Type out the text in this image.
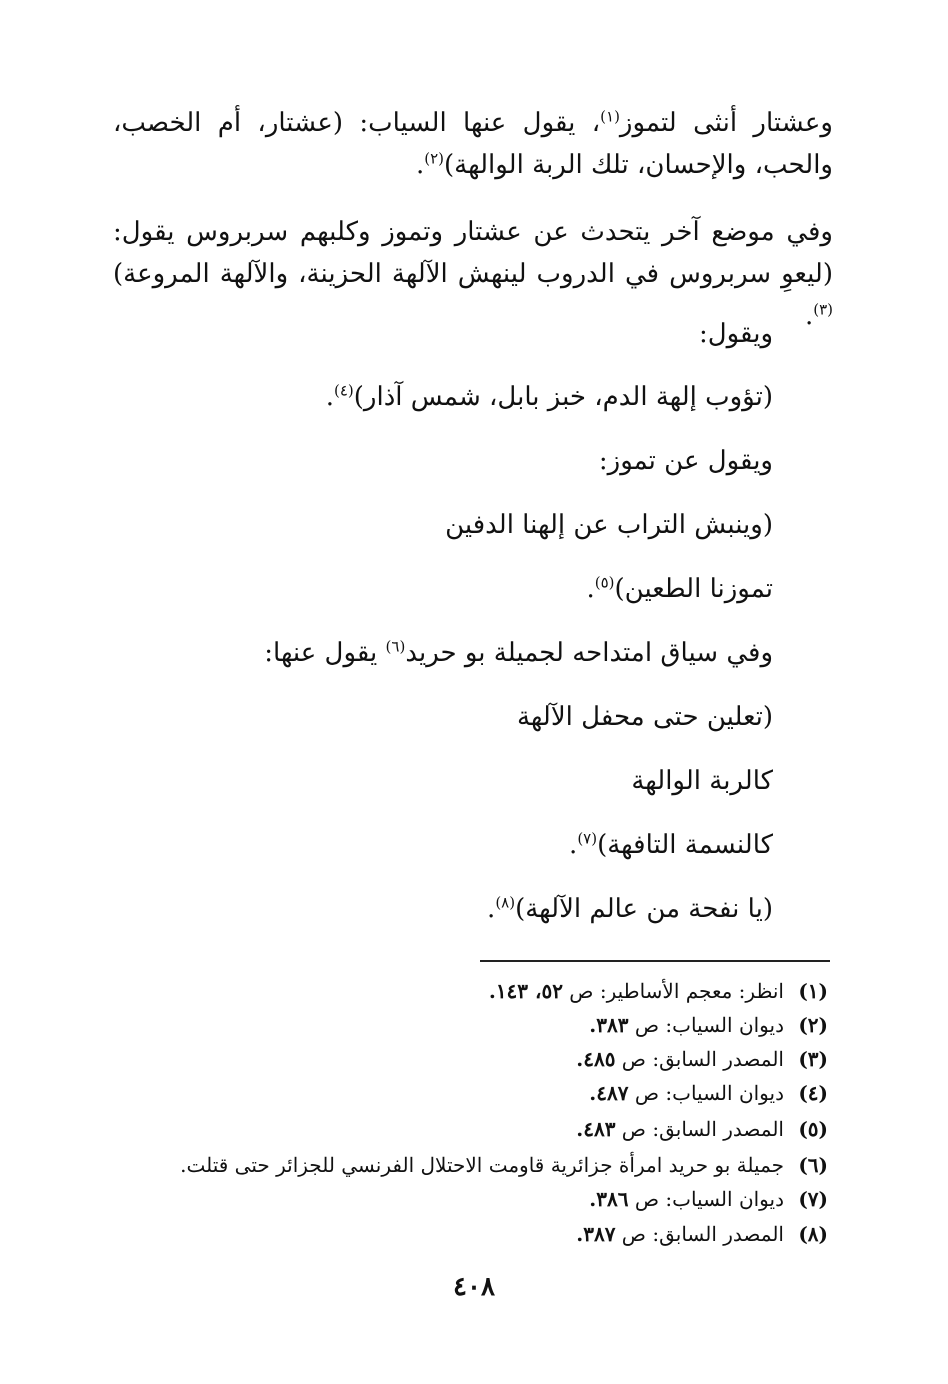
وعشتار أنثى لتموز$^{(١)}$، يقول عنها السياب: (عشتار، أم الخصب، والحب، والإحسان، تلك الربة الوالهة)$^{(٢)}$.

وفي موضع آخر يتحدث عن عشتار وتموز وكلبهم سربروس يقول: (ليعوِ سربروس في الدروب لينهش الآلهة الحزينة، والآلهة المروعة)$^{(٣)}$.

ويقول:

(تؤوب إلهة الدم، خبز بابل، شمس آذار)$^{(٤)}$.

ويقول عن تموز:

(وينبش التراب عن إلهنا الدفين

تموزنا الطعين)$^{(٥)}$.

وفي سياق امتداحه لجميلة بو حريد$^{(٦)}$ يقول عنها:

(تعلين حتى محفل الآلهة

كالربة الوالهة

كالنسمة التافهة)$^{(٧)}$.

(يا نفحة من عالم الآلهة)$^{(٨)}$.

(١)انظر: معجم الأساطير: ص ٥٢، ١٤٣.

(٢)ديوان السياب: ص ٣٨٣.

(٣)المصدر السابق: ص ٤٨٥.

(٤)ديوان السياب: ص ٤٨٧.

(٥)المصدر السابق: ص ٤٨٣.

(٦)جميلة بو حريد امرأة جزائرية قاومت الاحتلال الفرنسي للجزائر حتى قتلت.

(٧)ديوان السياب: ص ٣٨٦.

(٨)المصدر السابق: ص ٣٨٧.

٤٠٨
